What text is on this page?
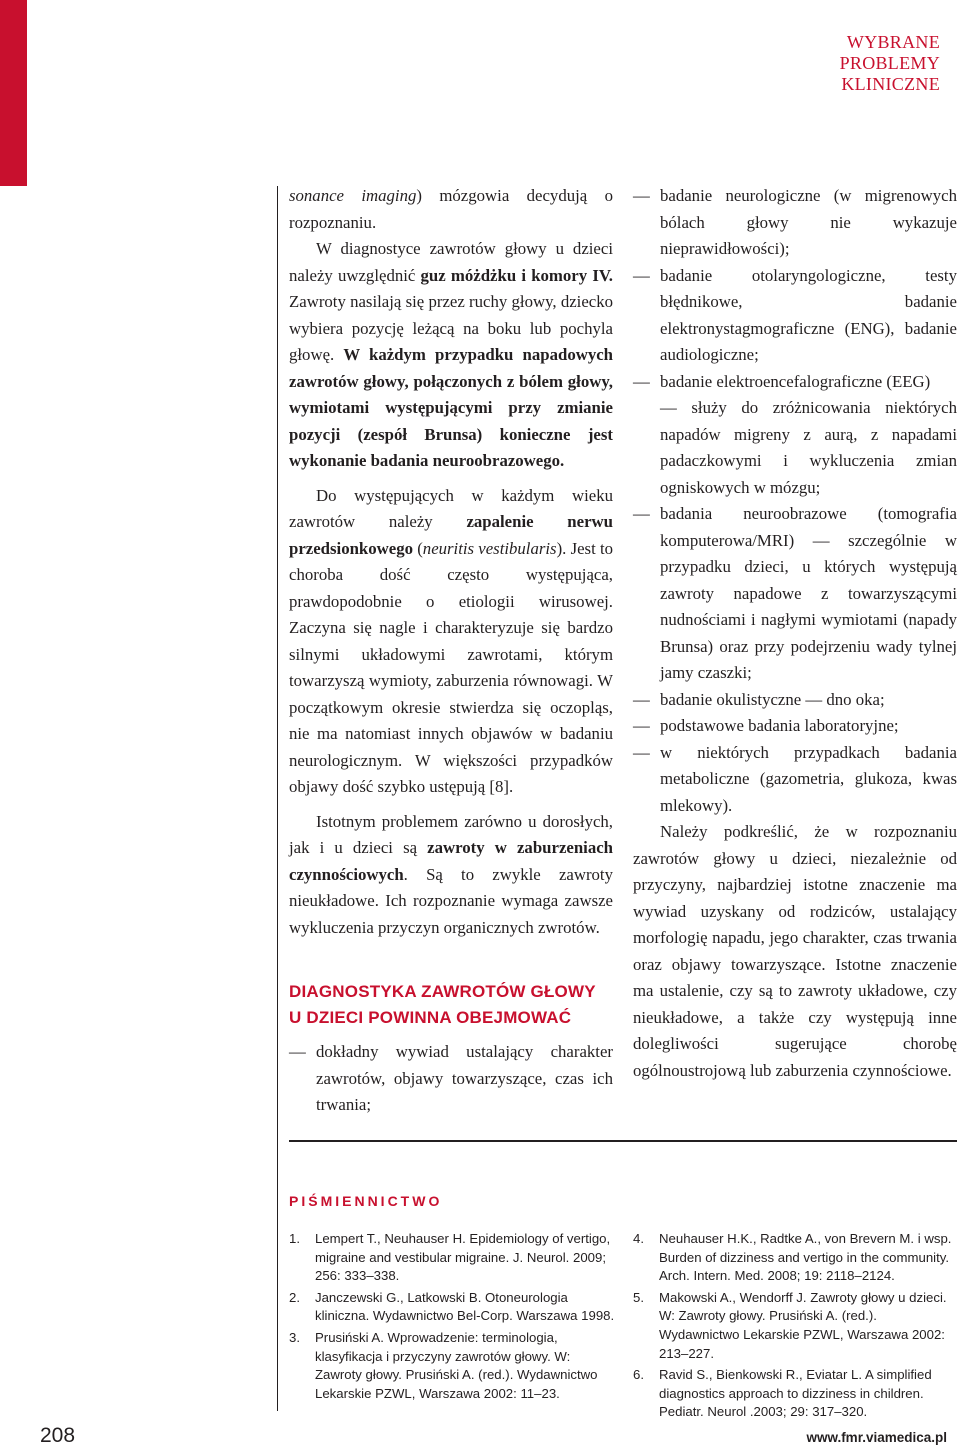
WYBRANE
PROBLEMY
KLINICZNE

sonance imaging) mózgowia decydują o rozpoznaniu.

W diagnostyce zawrotów głowy u dzieci należy uwzględnić guz móżdżku i komory IV. Zawroty nasilają się przez ruchy głowy, dziecko wybiera pozycję leżącą na boku lub pochyla głowę. W każdym przypadku napadowych zawrotów głowy, połączonych z bólem głowy, wymiotami występującymi przy zmianie pozycji (zespół Brunsa) konieczne jest wykonanie badania neuroobrazowego.

Do występujących w każdym wieku zawrotów należy zapalenie nerwu przedsionkowego (neuritis vestibularis). Jest to choroba dość często występująca, prawdopodobnie o etiologii wirusowej. Zaczyna się nagle i charakteryzuje się bardzo silnymi układowymi zawrotami, którym towarzyszą wymioty, zaburzenia równowagi. W początkowym okresie stwierdza się oczopląs, nie ma natomiast innych objawów w badaniu neurologicznym. W większości przypadków objawy dość szybko ustępują [8].

Istotnym problemem zarówno u dorosłych, jak i u dzieci są zawroty w zaburzeniach czynnościowych. Są to zwykle zawroty nieukładowe. Ich rozpoznanie wymaga zawsze wykluczenia przyczyn organicznych zwrotów.

DIAGNOSTYKA ZAWROTÓW GŁOWY
U DZIECI POWINNA OBEJMOWAĆ

— dokładny wywiad ustalający charakter zawrotów, objawy towarzyszące, czas ich trwania;

— badanie neurologiczne (w migrenowych bólach głowy nie wykazuje nieprawidłowości);

— badanie otolaryngologiczne, testy błędnikowe, badanie elektronystagmograficzne (ENG), badanie audiologiczne;

— badanie elektroencefalograficzne (EEG)

— służy do zróżnicowania niektórych napadów migreny z aurą, z napadami padaczkowymi i wykluczenia zmian ogniskowych w mózgu;

— badania neuroobrazowe (tomografia komputerowa/MRI) — szczególnie w przypadku dzieci, u których występują zawroty napadowe z towarzyszącymi nudnościami i nagłymi wymiotami (napady Brunsa) oraz przy podejrzeniu wady tylnej jamy czaszki;

— badanie okulistyczne — dno oka;

— podstawowe badania laboratoryjne;

— w niektórych przypadkach badania metaboliczne (gazometria, glukoza, kwas mlekowy).

Należy podkreślić, że w rozpoznaniu zawrotów głowy u dzieci, niezależnie od przyczyny, najbardziej istotne znaczenie ma wywiad uzyskany od rodziców, ustalający morfologię napadu, jego charakter, czas trwania oraz objawy towarzyszące. Istotne znaczenie ma ustalenie, czy są to zawroty układowe, czy nieukładowe, a także czy występują inne dolegliwości sugerujące chorobę ogólnoustrojową lub zaburzenia czynnościowe.

PIŚMIENNICTWO
1. Lempert T., Neuhauser H. Epidemiology of vertigo, migraine and vestibular migraine. J. Neurol. 2009; 256: 333–338.
2. Janczewski G., Latkowski B. Otoneurologia kliniczna. Wydawnictwo Bel-Corp. Warszawa 1998.
3. Prusiński A. Wprowadzenie: terminologia, klasyfikacja i przyczyny zawrotów głowy. W: Zawroty głowy. Prusiński A. (red.). Wydawnictwo Lekarskie PZWL, Warszawa 2002: 11–23.
4. Neuhauser H.K., Radtke A., von Brevern M. i wsp. Burden of dizziness and vertigo in the community. Arch. Intern. Med. 2008; 19: 2118–2124.
5. Makowski A., Wendorff J. Zawroty głowy u dzieci. W: Zawroty głowy. Prusiński A. (red.). Wydawnictwo Lekarskie PZWL, Warszawa 2002: 213–227.
6. Ravid S., Bienkowski R., Eviatar L. A simplified diagnostics approach to dizziness in children. Pediatr. Neurol .2003; 29: 317–320.
208	www.fmr.viamedica.pl
